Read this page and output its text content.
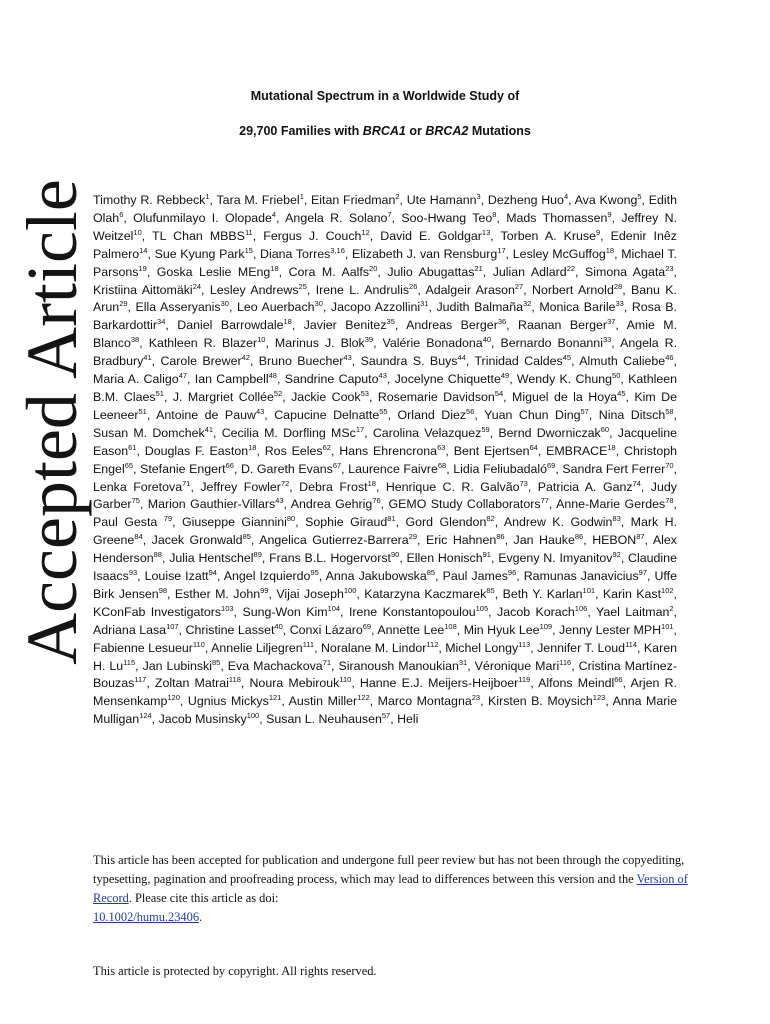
Accepted Article
Mutational Spectrum in a Worldwide Study of
29,700 Families with BRCA1 or BRCA2 Mutations
Timothy R. Rebbeck$^1$, Tara M. Friebel$^1$, Eitan Friedman$^2$, Ute Hamann$^3$, Dezheng Huo$^4$, Ava Kwong$^5$, Edith Olah$^6$, Olufunmilayo I. Olopade$^4$, Angela R. Solano$^7$, Soo-Hwang Teo$^8$, Mads Thomassen$^9$, Jeffrey N. Weitzel$^{10}$, TL Chan MBBS$^{11}$, Fergus J. Couch$^{12}$, David E. Goldgar$^{13}$, Torben A. Kruse$^9$, Edenir Inêz Palmero$^{14}$, Sue Kyung Park$^{15}$, Diana Torres$^{3,16}$, Elizabeth J. van Rensburg$^{17}$, Lesley McGuffog$^{18}$, Michael T. Parsons$^{19}$, Goska Leslie MEng$^{18}$, Cora M. Aalfs$^{20}$, Julio Abugattas$^{21}$, Julian Adlard$^{22}$, Simona Agata$^{23}$, Kristiina Aittomäki$^{24}$, Lesley Andrews$^{25}$, Irene L. Andrulis$^{26}$, Adalgeir Arason$^{27}$, Norbert Arnold$^{28}$, Banu K. Arun$^{29}$, Ella Asseryanis$^{30}$, Leo Auerbach$^{30}$, Jacopo Azzollini$^{31}$, Judith Balmaña$^{32}$, Monica Barile$^{33}$, Rosa B. Barkardottir$^{34}$, Daniel Barrowdale$^{18}$, Javier Benitez$^{35}$, Andreas Berger$^{36}$, Raanan Berger$^{37}$, Amie M. Blanco$^{38}$, Kathleen R. Blazer$^{10}$, Marinus J. Blok$^{39}$, Valérie Bonadona$^{40}$, Bernardo Bonanni$^{33}$, Angela R. Bradbury$^{41}$, Carole Brewer$^{42}$, Bruno Buecher$^{43}$, Saundra S. Buys$^{44}$, Trinidad Caldes$^{45}$, Almuth Caliebe$^{46}$, Maria A. Caligo$^{47}$, Ian Campbell$^{48}$, Sandrine Caputo$^{43}$, Jocelyne Chiquette$^{49}$, Wendy K. Chung$^{50}$, Kathleen B.M. Claes$^{51}$, J. Margriet Collée$^{52}$, Jackie Cook$^{53}$, Rosemarie Davidson$^{54}$, Miguel de la Hoya$^{45}$, Kim De Leeneer$^{51}$, Antoine de Pauw$^{43}$, Capucine Delnatte$^{55}$, Orland Diez$^{56}$, Yuan Chun Ding$^{57}$, Nina Ditsch$^{58}$, Susan M. Domchek$^{41}$, Cecilia M. Dorfling MSc$^{17}$, Carolina Velazquez$^{59}$, Bernd Dworniczak$^{60}$, Jacqueline Eason$^{61}$, Douglas F. Easton$^{18}$, Ros Eeles$^{62}$, Hans Ehrencrona$^{63}$, Bent Ejertsen$^{64}$, EMBRACE$^{18}$, Christoph Engel$^{65}$, Stefanie Engert$^{66}$, D. Gareth Evans$^{67}$, Laurence Faivre$^{68}$, Lidia Feliubadaló$^{69}$, Sandra Fert Ferrer$^{70}$, Lenka Foretova$^{71}$, Jeffrey Fowler$^{72}$, Debra Frost$^{18}$, Henrique C. R. Galvão$^{73}$, Patricia A. Ganz$^{74}$, Judy Garber$^{75}$, Marion Gauthier-Villars$^{43}$, Andrea Gehrig$^{76}$, GEMO Study Collaborators$^{77}$, Anne-Marie Gerdes$^{78}$, Paul Gesta $^{79}$, Giuseppe Giannini$^{80}$, Sophie Giraud$^{81}$, Gord Glendon$^{82}$, Andrew K. Godwin$^{83}$, Mark H. Greene$^{84}$, Jacek Gronwald$^{85}$, Angelica Gutierrez-Barrera$^{29}$, Eric Hahnen$^{86}$, Jan Hauke$^{86}$, HEBON$^{87}$, Alex Henderson$^{88}$, Julia Hentschel$^{89}$, Frans B.L. Hogervorst$^{90}$, Ellen Honisch$^{91}$, Evgeny N. Imyanitov$^{92}$, Claudine Isaacs$^{93}$, Louise Izatt$^{94}$, Angel Izquierdo$^{95}$, Anna Jakubowska$^{85}$, Paul James$^{96}$, Ramunas Janavicius$^{97}$, Uffe Birk Jensen$^{98}$, Esther M. John$^{99}$, Vijai Joseph$^{100}$, Katarzyna Kaczmarek$^{85}$, Beth Y. Karlan$^{101}$, Karin Kast$^{102}$, KConFab Investigators$^{103}$, Sung-Won Kim$^{104}$, Irene Konstantopoulou$^{105}$, Jacob Korach$^{106}$, Yael Laitman$^2$, Adriana Lasa$^{107}$, Christine Lasset$^{40}$, Conxi Lázaro$^{69}$, Annette Lee$^{108}$, Min Hyuk Lee$^{109}$, Jenny Lester MPH$^{101}$, Fabienne Lesueur$^{110}$, Annelie Liljegren$^{111}$, Noralane M. Lindor$^{112}$, Michel Longy$^{113}$, Jennifer T. Loud$^{114}$, Karen H. Lu$^{115}$, Jan Lubinski$^{85}$, Eva Machackova$^{71}$, Siranoush Manoukian$^{31}$, Véronique Mari$^{116}$, Cristina Martínez-Bouzas$^{117}$, Zoltan Matrai$^{118}$, Noura Mebirouk$^{110}$, Hanne E.J. Meijers-Heijboer$^{119}$, Alfons Meindl$^{66}$, Arjen R. Mensenkamp$^{120}$, Ugnius Mickys$^{121}$, Austin Miller$^{122}$, Marco Montagna$^{23}$, Kirsten B. Moysich$^{123}$, Anna Marie Mulligan$^{124}$, Jacob Musinsky$^{100}$, Susan L. Neuhausen$^{57}$, Heli
This article has been accepted for publication and undergone full peer review but has not been through the copyediting, typesetting, pagination and proofreading process, which may lead to differences between this version and the Version of Record. Please cite this article as doi:
10.1002/humu.23406.
This article is protected by copyright. All rights reserved.
